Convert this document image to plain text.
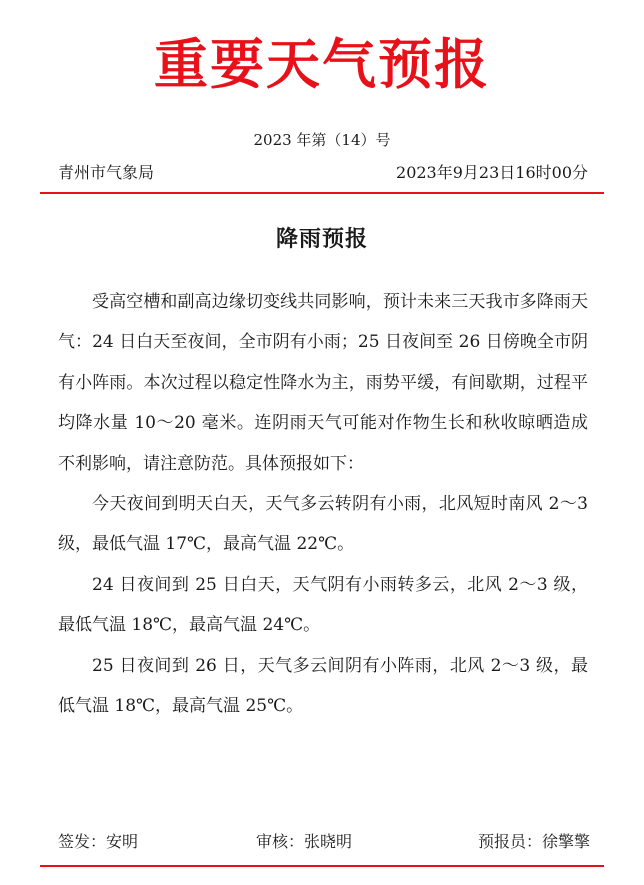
重要天气预报
2023 年第（14）号
青州市气象局	2023年9月23日16时00分
降雨预报

受高空槽和副高边缘切变线共同影响，预计未来三天我市多降雨天气：24 日白天至夜间，全市阴有小雨；25 日夜间至 26 日傍晚全市阴有小阵雨。本次过程以稳定性降水为主，雨势平缓，有间歇期，过程平均降水量 10～20 毫米。连阴雨天气可能对作物生长和秋收晾晒造成不利影响，请注意防范。具体预报如下：

今天夜间到明天白天，天气多云转阴有小雨，北风短时南风 2～3 级，最低气温 17℃，最高气温 22℃。

24 日夜间到 25 日白天，天气阴有小雨转多云，北风 2～3 级，最低气温 18℃，最高气温 24℃。

25 日夜间到 26 日，天气多云间阴有小阵雨，北风 2～3 级，最低气温 18℃，最高气温 25℃。

签发：安明	审核：张晓明	预报员：徐擎擎
